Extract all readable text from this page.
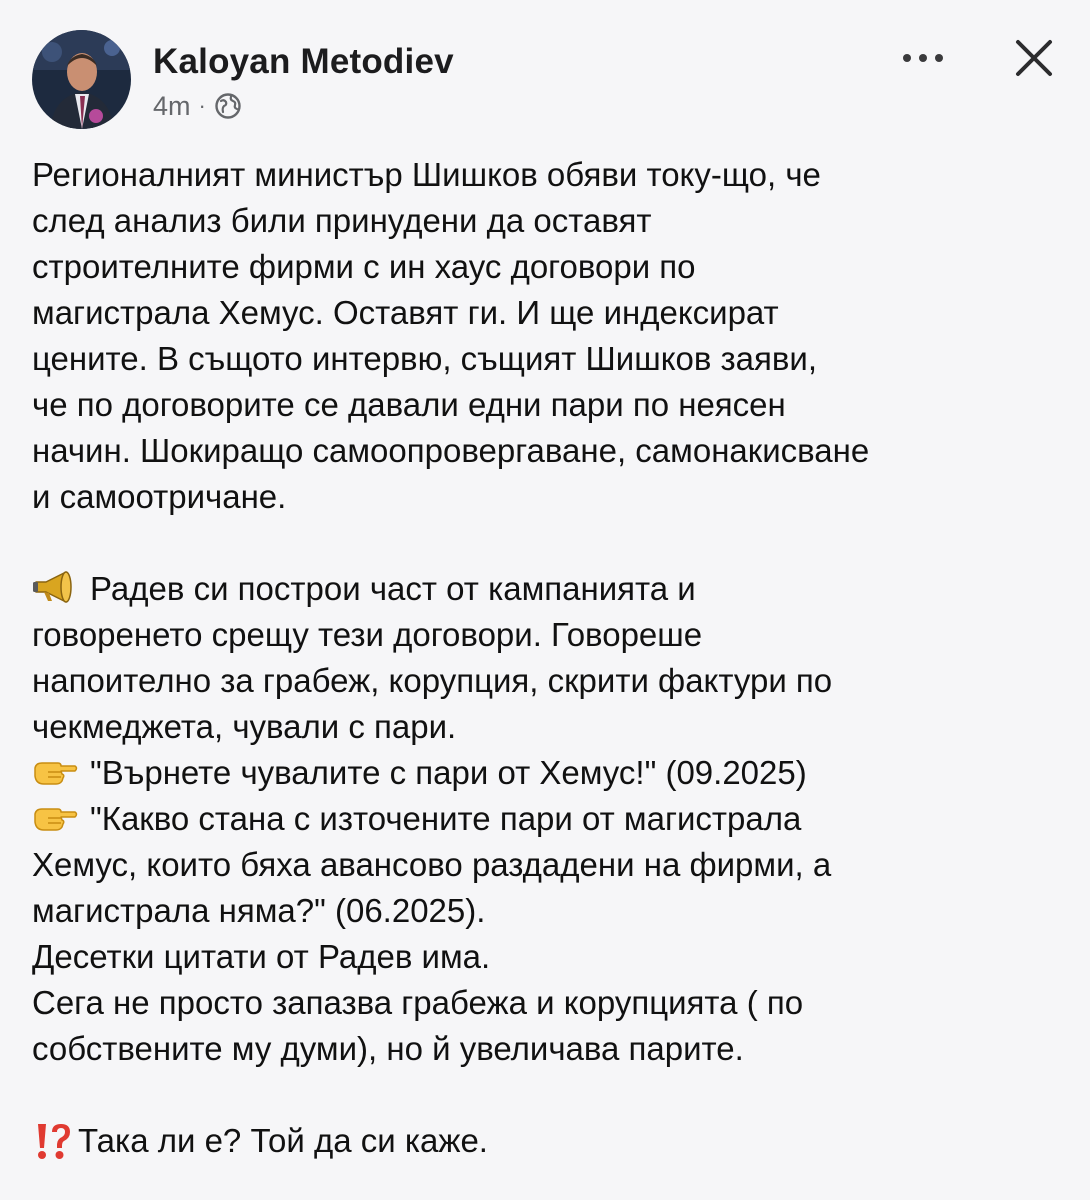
Kaloyan Metodiev
4m ·

Регионалният министър Шишков обяви току-що, че

след анализ били принудени да оставят

строителните фирми с ин хаус договори по

магистрала Хемус. Оставят ги. И ще индексират

цените. В същото интервю, същият Шишков заяви,

че по договорите се давали едни пари по неясен

начин. Шокиращо самоопровергаване, самонакисване

и самоотричане.

Радев си построи част от кампанията и

говоренето срещу тези договори. Говореше

напоително за грабеж, корупция, скрити фактури по

чекмеджета, чували с пари.

"Върнете чувалите с пари от Хемус!" (09.2025)

"Какво стана с източените пари от магистрала

Хемус, които бяха авансово раздадени на фирми, а

магистрала няма?" (06.2025).

Десетки цитати от Радев има.

Сега не просто запазва грабежа и корупцията ( по

собствените му думи), но й увеличава парите.

Така ли е? Той да си каже.
